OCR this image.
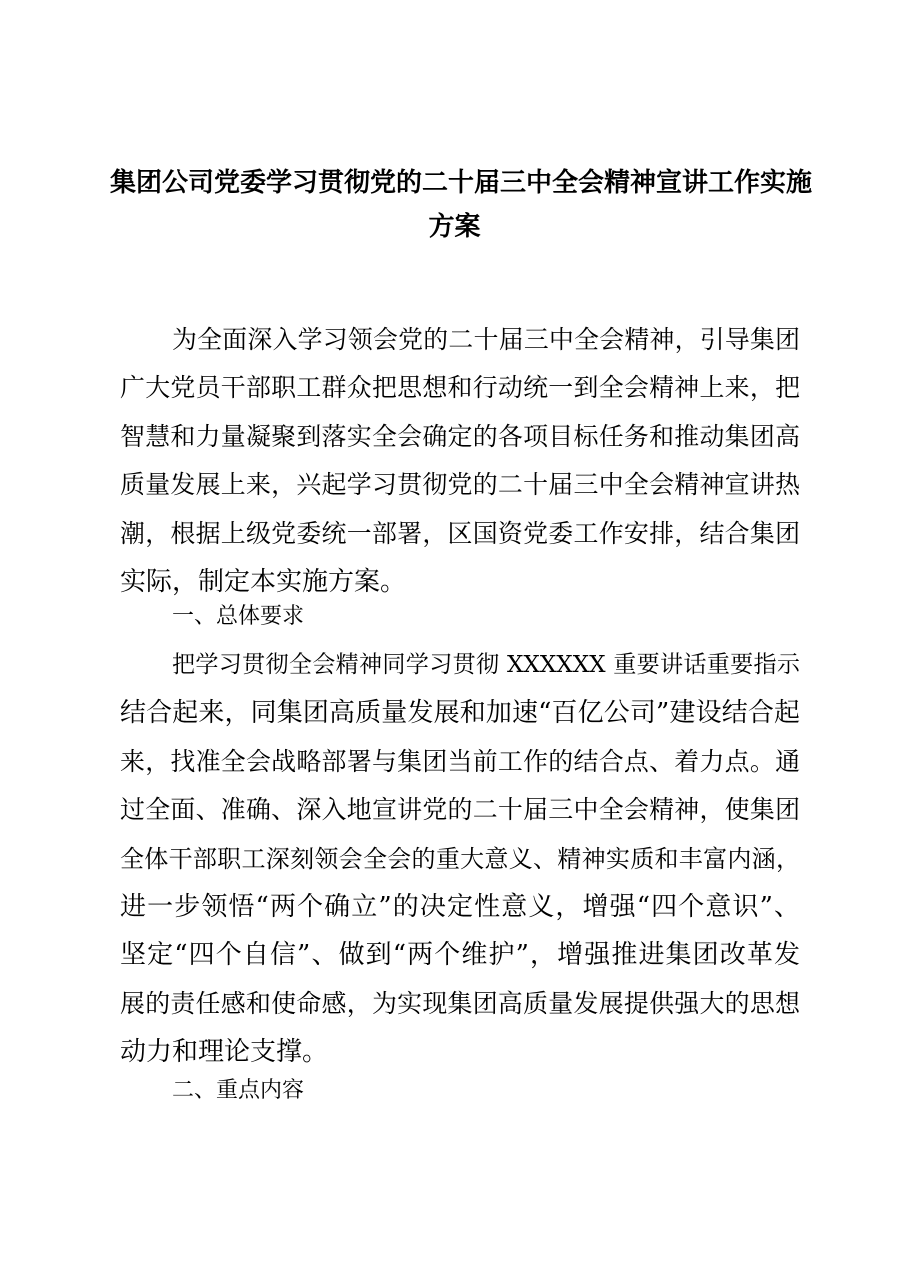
集团公司党委学习贯彻党的二十届三中全会精神宣讲工作实施
方案
为全面深入学习领会党的二十届三中全会精神，引导集团
广大党员干部职工群众把思想和行动统一到全会精神上来，把
智慧和力量凝聚到落实全会确定的各项目标任务和推动集团高
质量发展上来，兴起学习贯彻党的二十届三中全会精神宣讲热
潮，根据上级党委统一部署，区国资党委工作安排，结合集团
实际，制定本实施方案。
一、总体要求
把学习贯彻全会精神同学习贯彻 XXXXXX 重要讲话重要指示
结合起来，同集团高质量发展和加速“百亿公司”建设结合起
来，找准全会战略部署与集团当前工作的结合点、着力点。通
过全面、准确、深入地宣讲党的二十届三中全会精神，使集团
全体干部职工深刻领会全会的重大意义、精神实质和丰富内涵，
进一步领悟“两个确立”的决定性意义，增强“四个意识”、
坚定“四个自信”、做到“两个维护”，增强推进集团改革发
展的责任感和使命感，为实现集团高质量发展提供强大的思想
动力和理论支撑。
二、重点内容
